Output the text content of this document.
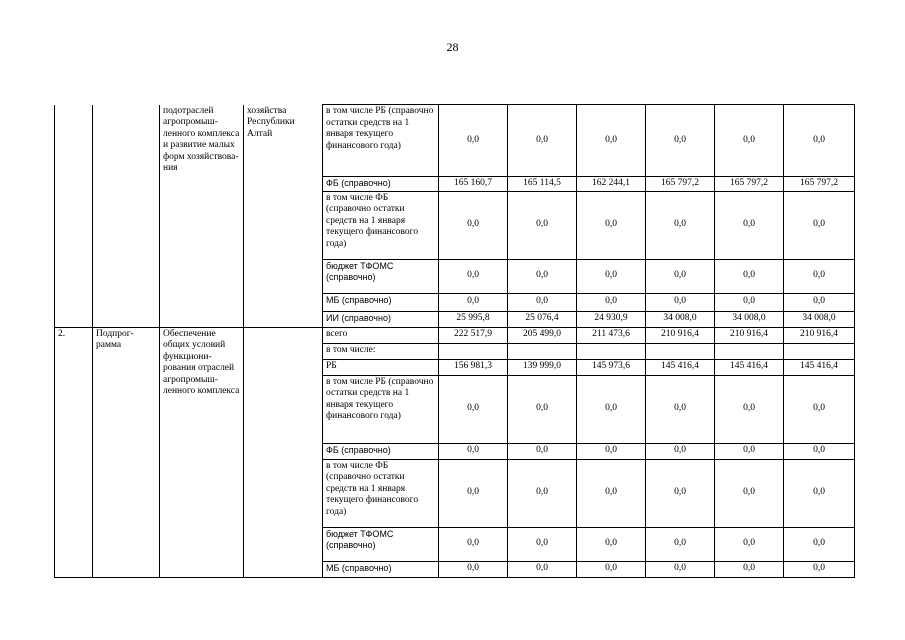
28
		подотраслей агропромыш-ленного комплекса и развитие малых форм хозяйствова-ния	хозяйства Республики Алтай	в том числе РБ (справочно остатки средств на 1 января текущего финансового года)	0,0	0,0	0,0	0,0	0,0	0,0
				ФБ (справочно)	165 160,7	165 114,5	162 244,1	165 797,2	165 797,2	165 797,2
				в том числе ФБ (справочно остатки средств на 1 января текущего финансового года)	0,0	0,0	0,0	0,0	0,0	0,0
				бюджет ТФОМС (справочно)	0,0	0,0	0,0	0,0	0,0	0,0
				МБ (справочно)	0,0	0,0	0,0	0,0	0,0	0,0
				ИИ (справочно)	25 995,8	25 076,4	24 930,9	34 008,0	34 008,0	34 008,0
2.	Подпрог-рамма	Обеспечение общих условий функциони-рования отраслей агропромыш-ленного комплекса		всего	222 517,9	205 499,0	211 473,6	210 916,4	210 916,4	210 916,4
				в том числе:						
				РБ	156 981,3	139 999,0	145 973,6	145 416,4	145 416,4	145 416,4
				в том числе РБ (справочно остатки средств на 1 января текущего финансового года)	0,0	0,0	0,0	0,0	0,0	0,0
				ФБ (справочно)	0,0	0,0	0,0	0,0	0,0	0,0
				в том числе ФБ (справочно остатки средств на 1 января текущего финансового года)	0,0	0,0	0,0	0,0	0,0	0,0
				бюджет ТФОМС (справочно)	0,0	0,0	0,0	0,0	0,0	0,0
				МБ (справочно)	0,0	0,0	0,0	0,0	0,0	0,0
